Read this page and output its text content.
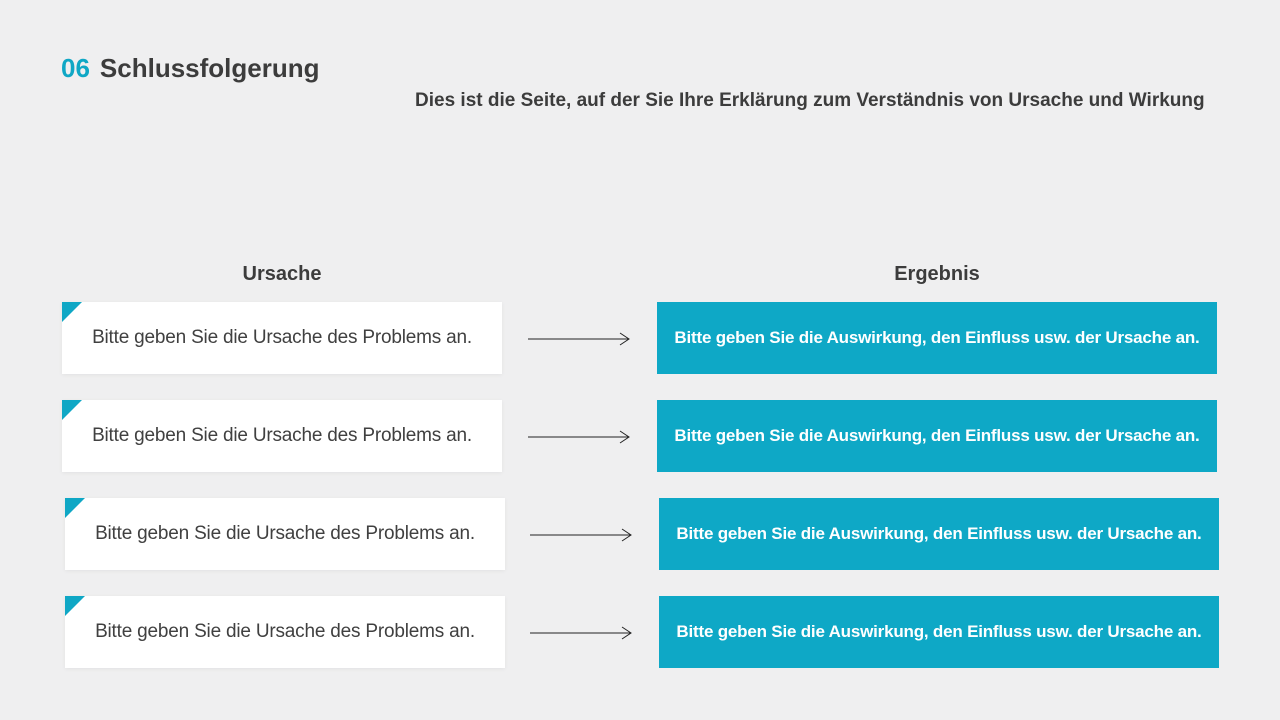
06 Schlussfolgerung
Dies ist die Seite, auf der Sie Ihre Erklärung zum Verständnis von Ursache und Wirkung
Ursache	Ergebnis
Bitte geben Sie die Ursache des Problems an.	Bitte geben Sie die Auswirkung, den Einfluss usw. der Ursache an.
Bitte geben Sie die Ursache des Problems an.	Bitte geben Sie die Auswirkung, den Einfluss usw. der Ursache an.
Bitte geben Sie die Ursache des Problems an.	Bitte geben Sie die Auswirkung, den Einfluss usw. der Ursache an.
Bitte geben Sie die Ursache des Problems an.	Bitte geben Sie die Auswirkung, den Einfluss usw. der Ursache an.
